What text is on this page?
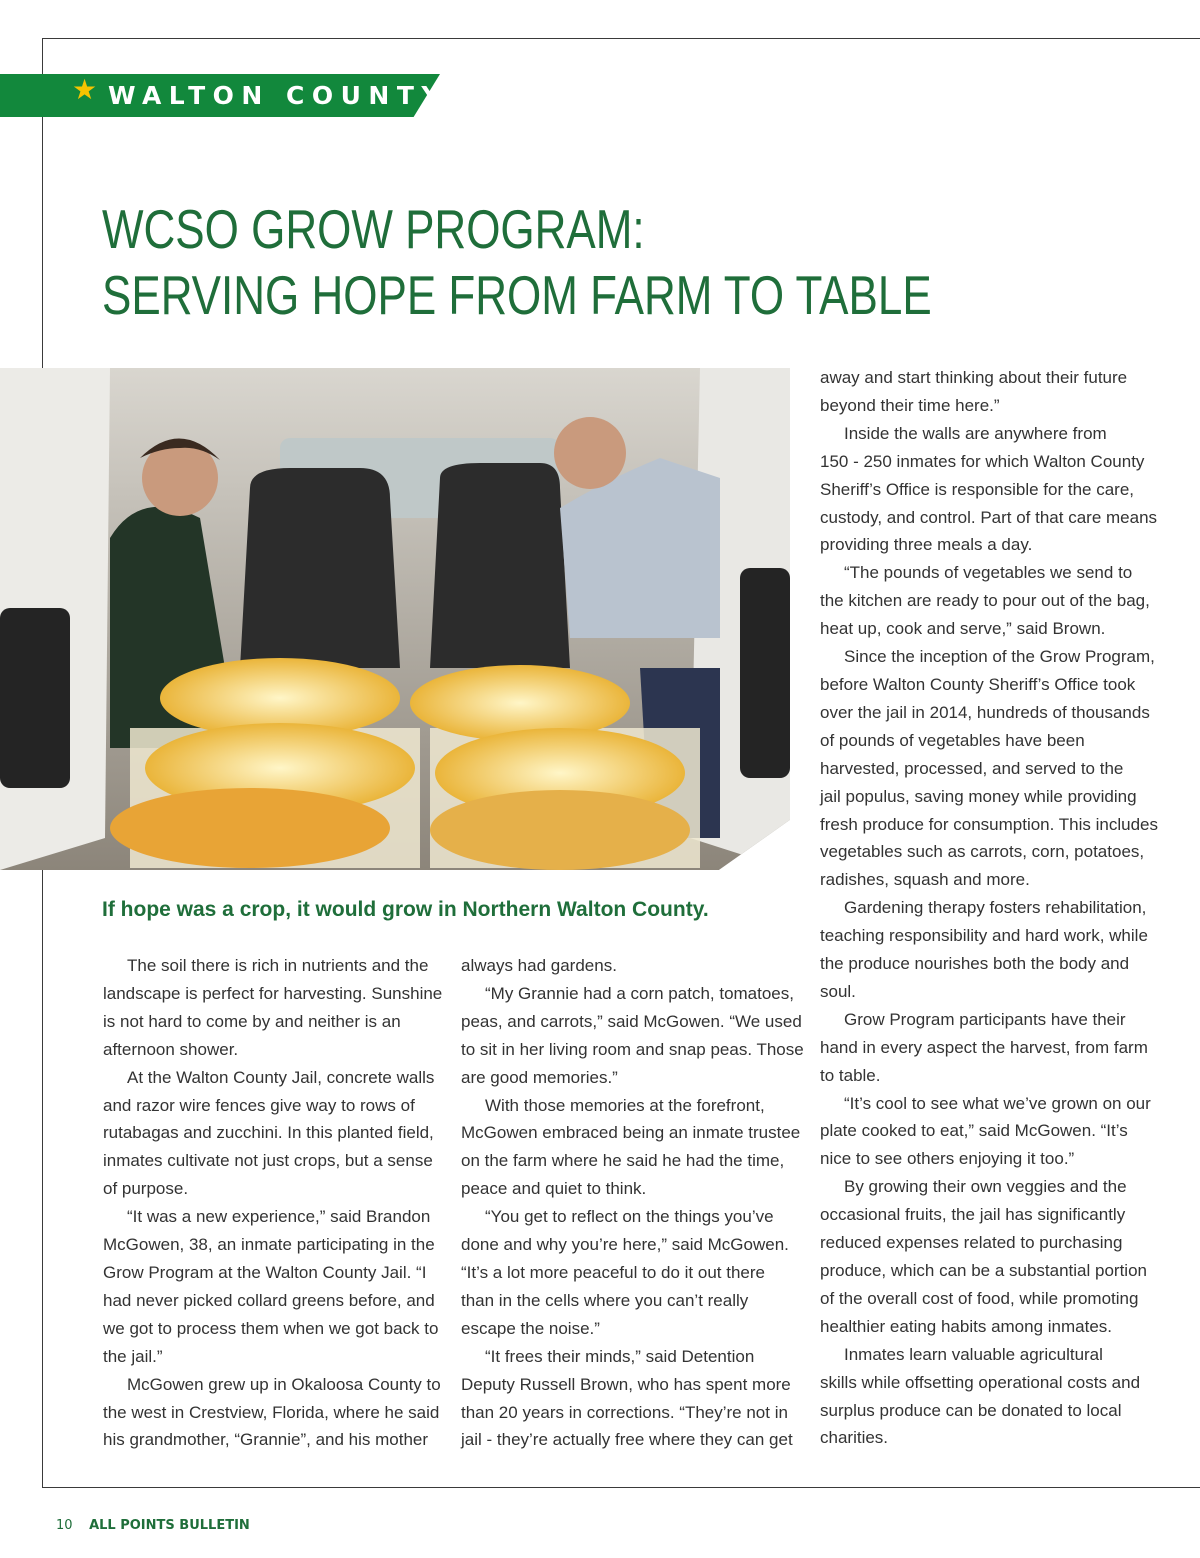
★ WALTON COUNTY
WCSO GROW PROGRAM:
SERVING HOPE FROM FARM TO TABLE
If hope was a crop, it would grow in Northern Walton County.

The soil there is rich in nutrients and the

landscape is perfect for harvesting. Sunshine

is not hard to come by and neither is an

afternoon shower.

At the Walton County Jail, concrete walls

and razor wire fences give way to rows of

rutabagas and zucchini. In this planted field,

inmates cultivate not just crops, but a sense

of purpose.

“It was a new experience,” said Brandon

McGowen, 38, an inmate participating in the

Grow Program at the Walton County Jail. “I

had never picked collard greens before, and

we got to process them when we got back to

the jail.”

McGowen grew up in Okaloosa County to

the west in Crestview, Florida, where he said

his grandmother, “Grannie”, and his mother

always had gardens.

“My Grannie had a corn patch, tomatoes,

peas, and carrots,” said McGowen. “We used

to sit in her living room and snap peas. Those

are good memories.”

With those memories at the forefront,

McGowen embraced being an inmate trustee

on the farm where he said he had the time,

peace and quiet to think.

“You get to reflect on the things you’ve

done and why you’re here,” said McGowen.

“It’s a lot more peaceful to do it out there

than in the cells where you can’t really

escape the noise.”

“It frees their minds,” said Detention

Deputy Russell Brown, who has spent more

than 20 years in corrections. “They’re not in

jail - they’re actually free where they can get

away and start thinking about their future

beyond their time here.”

Inside the walls are anywhere from

150 - 250 inmates for which Walton County

Sheriff’s Office is responsible for the care,

custody, and control. Part of that care means

providing three meals a day.

“The pounds of vegetables we send to

the kitchen are ready to pour out of the bag,

heat up, cook and serve,” said Brown.

Since the inception of the Grow Program,

before Walton County Sheriff’s Office took

over the jail in 2014, hundreds of thousands

of pounds of vegetables have been

harvested, processed, and served to the

jail populus, saving money while providing

fresh produce for consumption. This includes

vegetables such as carrots, corn, potatoes,

radishes, squash and more.

Gardening therapy fosters rehabilitation,

teaching responsibility and hard work, while

the produce nourishes both the body and

soul.

Grow Program participants have their

hand in every aspect the harvest, from farm

to table.

“It’s cool to see what we’ve grown on our

plate cooked to eat,” said McGowen. “It’s

nice to see others enjoying it too.”

By growing their own veggies and the

occasional fruits, the jail has significantly

reduced expenses related to purchasing

produce, which can be a substantial portion

of the overall cost of food, while promoting

healthier eating habits among inmates.

Inmates learn valuable agricultural

skills while offsetting operational costs and

surplus produce can be donated to local

charities.

10 ALL POINTS BULLETIN
